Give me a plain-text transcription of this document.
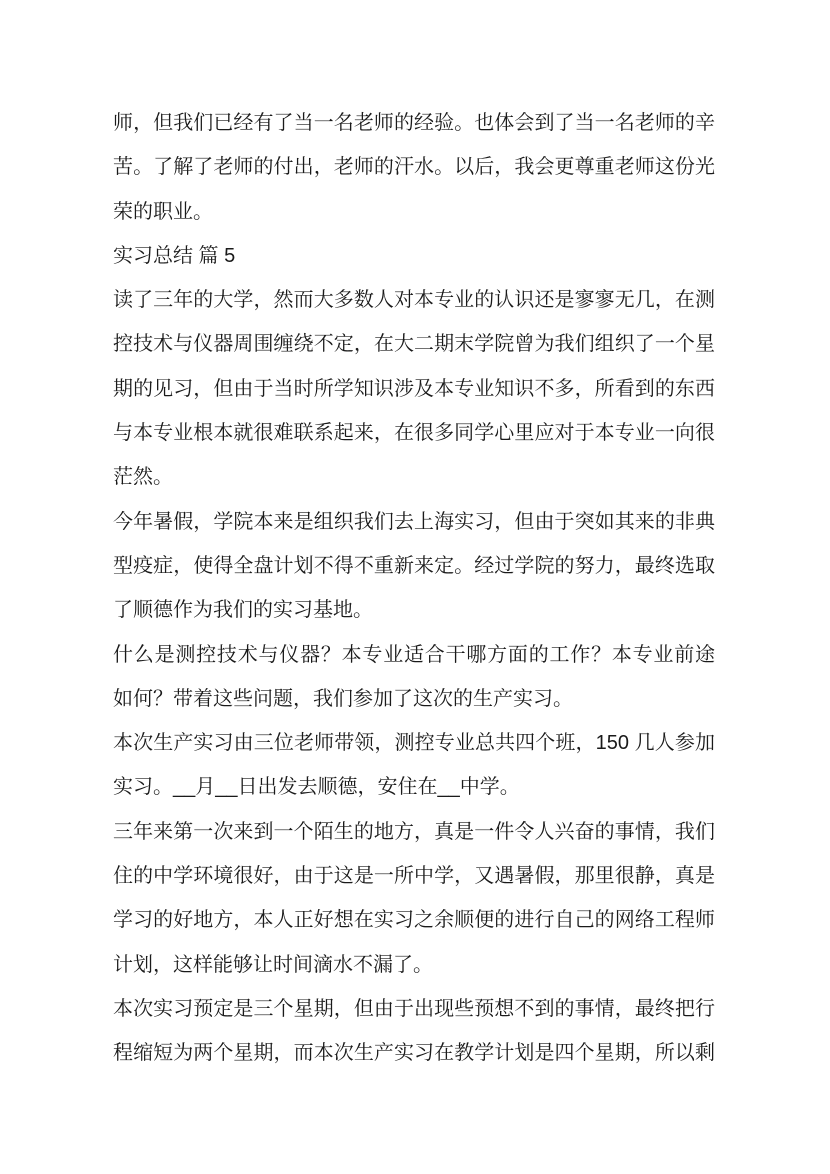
师，但我们已经有了当一名老师的经验。也体会到了当一名老师的辛
苦。了解了老师的付出，老师的汗水。以后，我会更尊重老师这份光
荣的职业。
实习总结 篇 5
读了三年的大学，然而大多数人对本专业的认识还是寥寥无几，在测
控技术与仪器周围缠绕不定，在大二期末学院曾为我们组织了一个星
期的见习，但由于当时所学知识涉及本专业知识不多，所看到的东西
与本专业根本就很难联系起来，在很多同学心里应对于本专业一向很
茫然。
今年暑假，学院本来是组织我们去上海实习，但由于突如其来的非典
型疫症，使得全盘计划不得不重新来定。经过学院的努力，最终选取
了顺德作为我们的实习基地。
什么是测控技术与仪器？本专业适合干哪方面的工作？本专业前途
如何？带着这些问题，我们参加了这次的生产实习。
本次生产实习由三位老师带领，测控专业总共四个班，150 几人参加
实习。__月__日出发去顺德，安住在__中学。
三年来第一次来到一个陌生的地方，真是一件令人兴奋的事情，我们
住的中学环境很好，由于这是一所中学，又遇暑假，那里很静，真是
学习的好地方，本人正好想在实习之余顺便的进行自己的网络工程师
计划，这样能够让时间滴水不漏了。
本次实习预定是三个星期，但由于出现些预想不到的事情，最终把行
程缩短为两个星期，而本次生产实习在教学计划是四个星期，所以剩
